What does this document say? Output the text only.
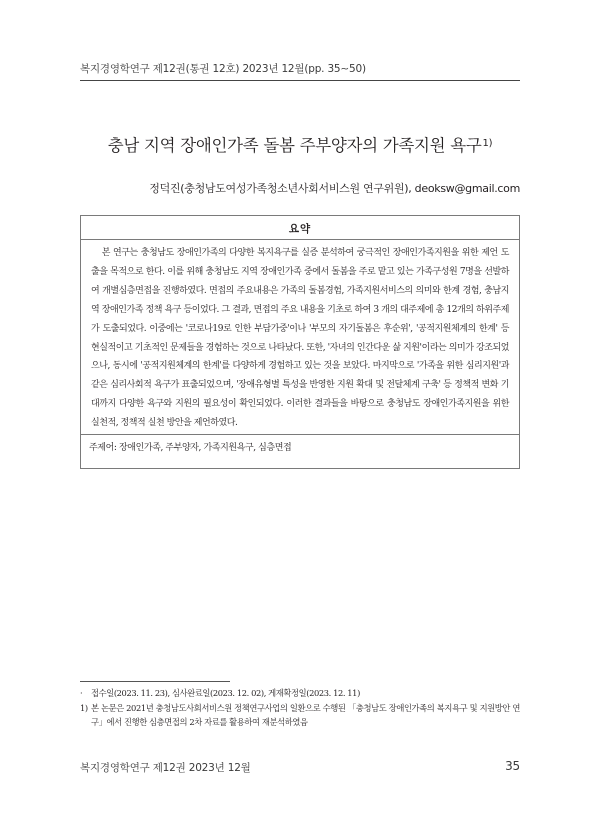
복지경영학연구 제12권(통권 12호) 2023년 12월(pp. 35∼50)
충남 지역 장애인가족 돌봄 주부양자의 가족지원 욕구$^{1)}$
정덕진(충청남도여성가족청소년사회서비스원 연구위원), deoksw@gmail.com
요약
본 연구는 충청남도 장애인가족의 다양한 복지욕구를 실증 분석하여 궁극적인 장애인가족지원을 위한 제언 도출을 목적으로 한다. 이를 위해 충청남도 지역 장애인가족 중에서 돌봄을 주로 맡고 있는 가족구성원 7명을 선발하여 개별심층면접을 진행하였다. 면접의 주요내용은 가족의 돌봄경험, 가족지원서비스의 의미와 한계 경험, 충남지역 장애인가족 정책 욕구 등이었다. 그 결과, 면접의 주요 내용을 기초로 하여 3 개의 대주제에 총 12개의 하위주제가 도출되었다. 이중에는 '코로나19로 인한 부담가중'이나 '부모의 자기돌봄은 후순위', '공적지원체계의 한계' 등 현실적이고 기초적인 문제들을 경험하는 것으로 나타났다. 또한, '자녀의 인간다운 삶 지원'이라는 의미가 강조되었으나, 동시에 '공적지원체계의 한계'를 다양하게 경험하고 있는 것을 보았다. 마지막으로 '가족을 위한 심리지원'과 같은 심리사회적 욕구가 표출되었으며, '장애유형별 특성을 반영한 지원 확대 및 전달체계 구축' 등 정책적 변화 기대까지 다양한 욕구와 지원의 필요성이 확인되었다. 이러한 결과들을 바탕으로 충청남도 장애인가족지원을 위한 실천적, 정책적 실천 방안을 제언하였다.
주제어: 장애인가족, 주부양자, 가족지원욕구, 심층면접
·	접수일(2023. 11. 23), 심사완료일(2023. 12. 02), 게재확정일(2023. 12. 11)
1) 본 논문은 2021년 충청남도사회서비스원 정책연구사업의 일환으로 수행된 「충청남도 장애인가족의 복지욕구 및 지원방안 연구」에서 진행한 심층면접의 2차 자료를 활용하여 재분석하였음
복지경영학연구 제12권 2023년 12월	35
